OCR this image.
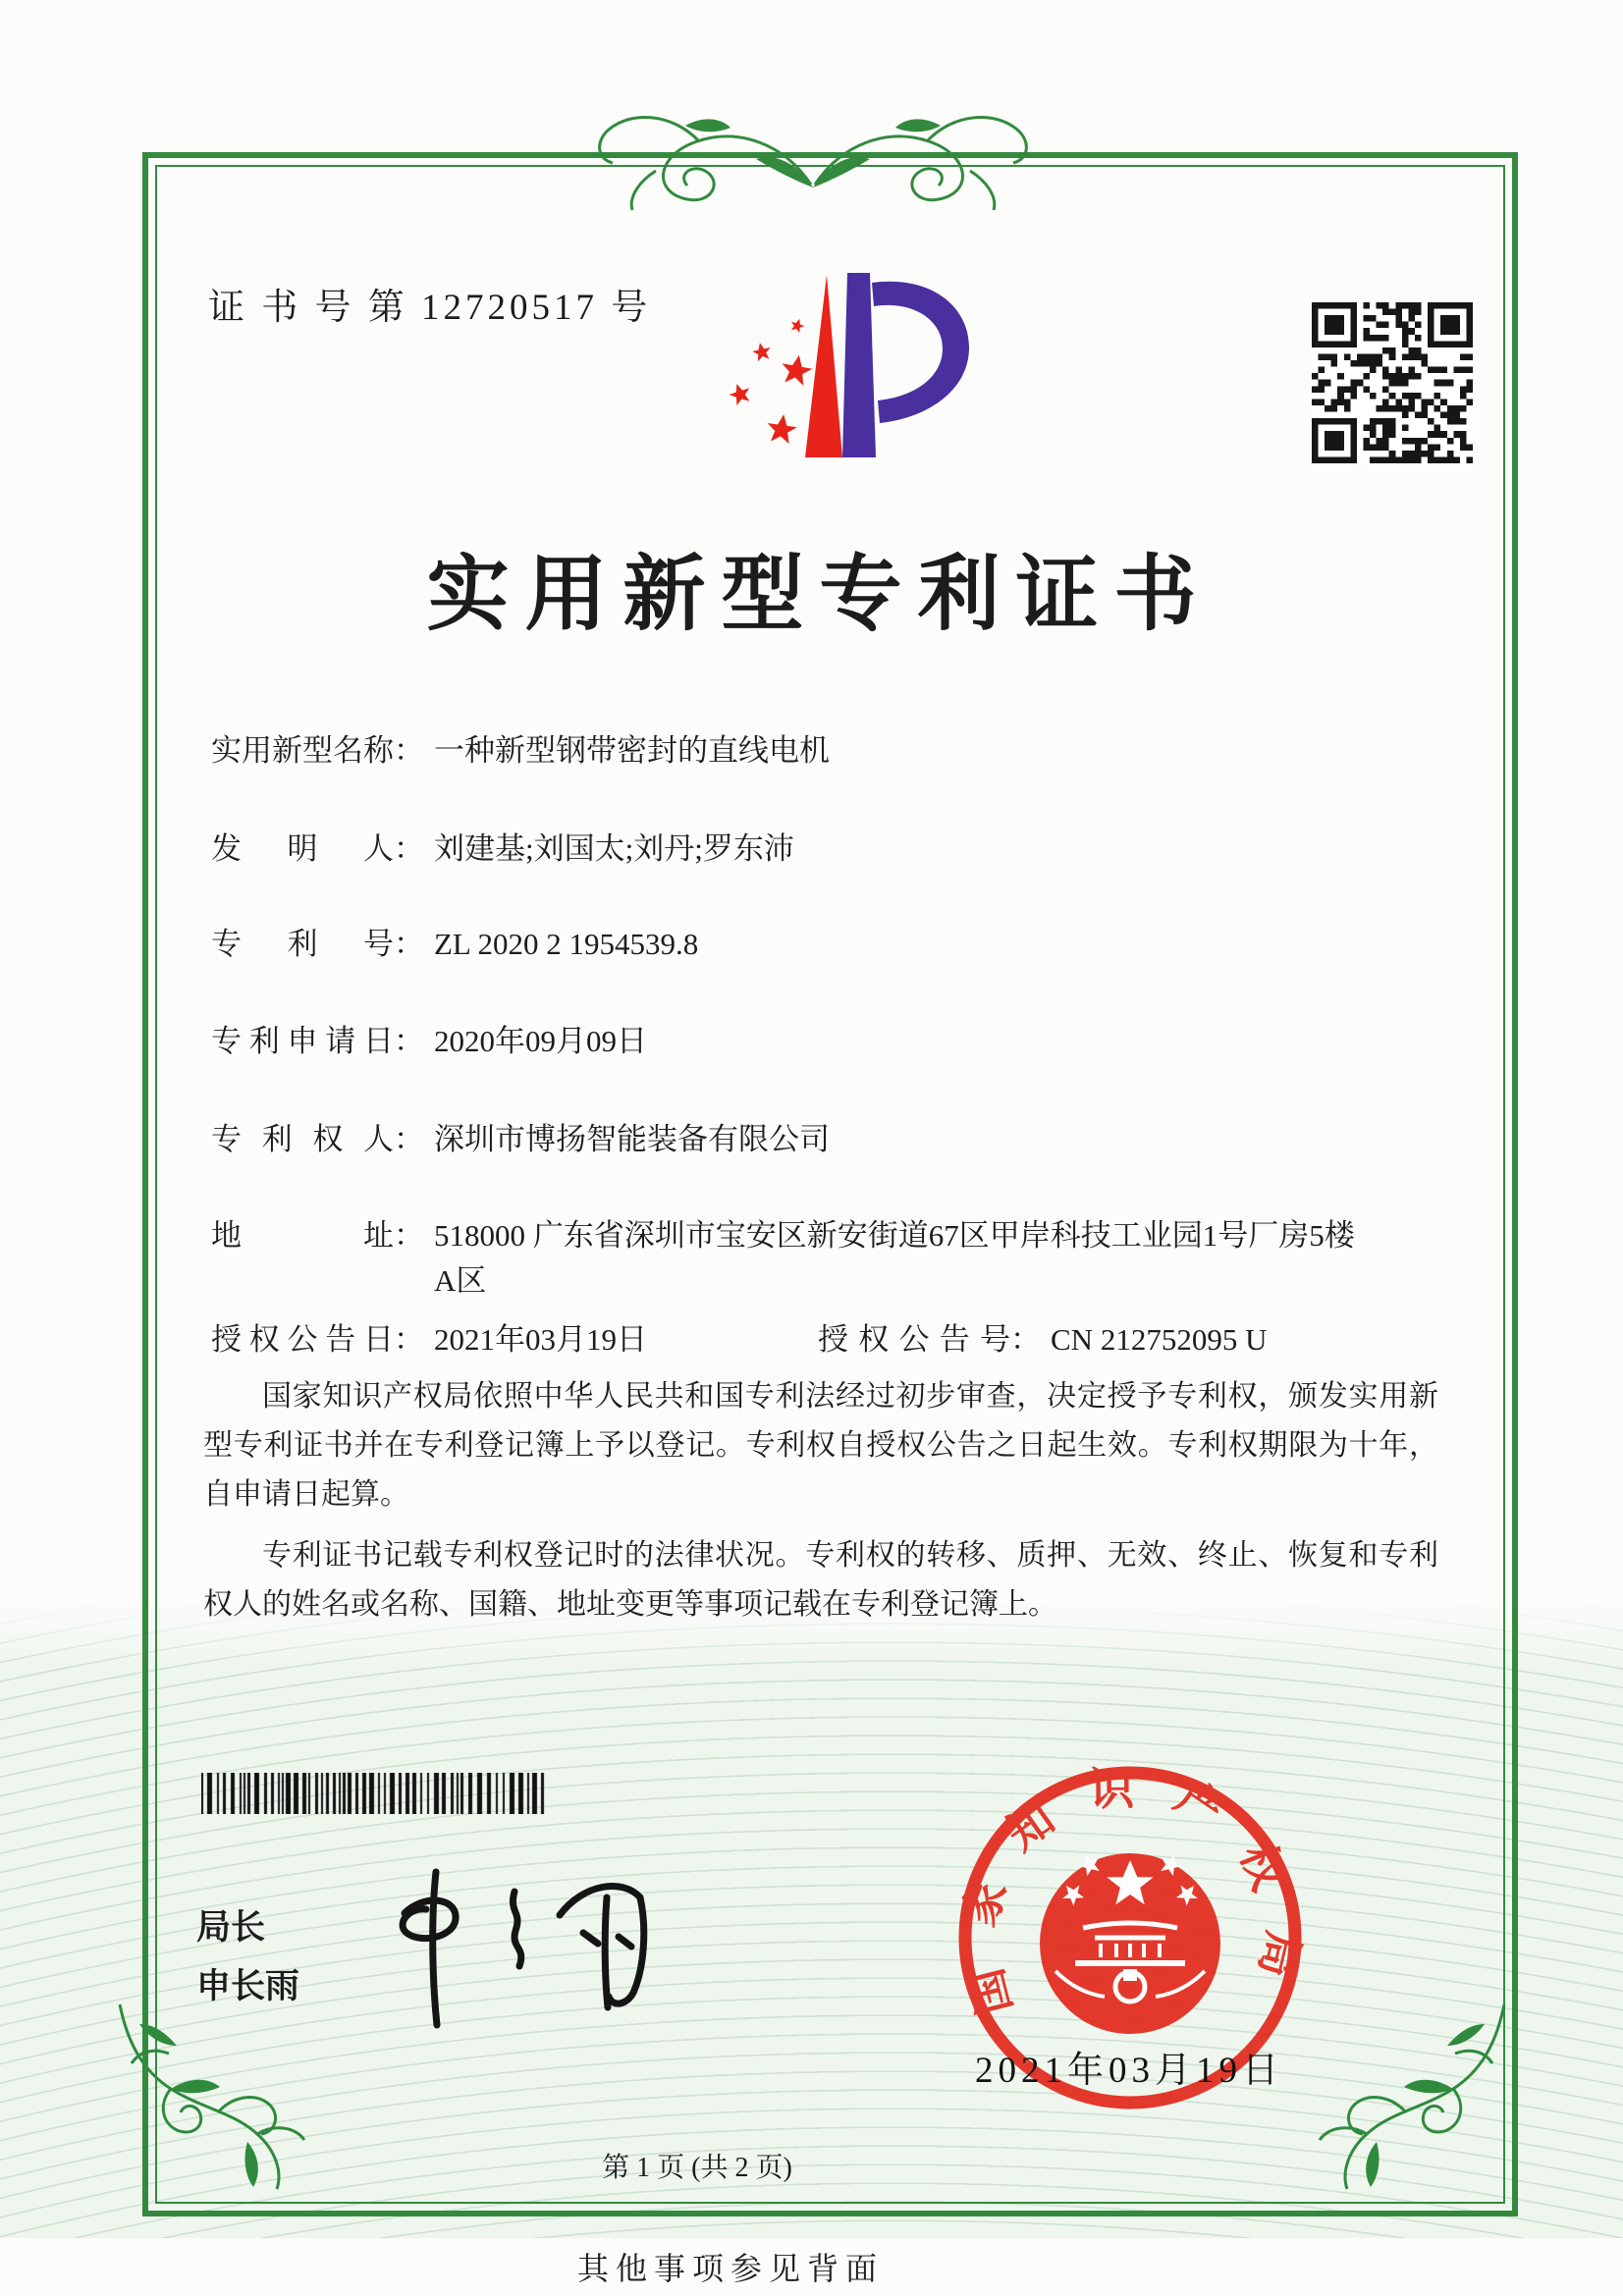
证 书 号 第 12720517 号
实用新型专利证书
实用新型名称 ： 一种新型钢带密封的直线电机
发明人 ： 刘建基;刘国太;刘丹;罗东沛
专利号 ： ZL 2020 2 1954539.8
专利申请日 ： 2020年09月09日
专利权人 ： 深圳市博扬智能装备有限公司
地址 ： 518000 广东省深圳市宝安区新安街道67区甲岸科技工业园1号厂房5楼A区
授权公告日 ： 2021年03月19日	授权公告号 ： CN 212752095 U

国家知识产权局依照中华人民共和国专利法经过初步审查，决定授予专利权，颁发实用新型专利证书并在专利登记簿上予以登记。专利权自授权公告之日起生效。专利权期限为十年，自申请日起算。

专利证书记载专利权登记时的法律状况。专利权的转移、质押、无效、终止、恢复和专利权人的姓名或名称、国籍、地址变更等事项记载在专利登记簿上。

局长
申长雨	国家知识产权局
2021年03月19日
第 1 页 (共 2 页)
其他事项参见背面
